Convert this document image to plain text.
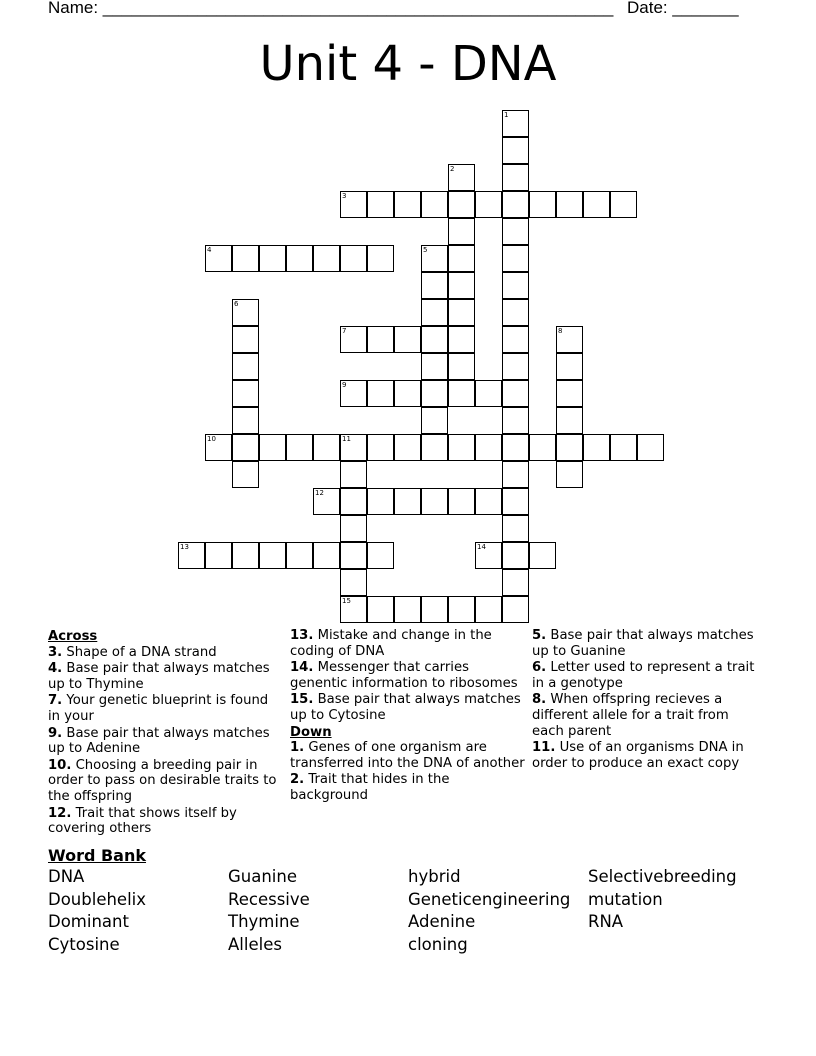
Name: ______________________________________________________ Date: _______
Unit 4 - DNA
1
2
3
4	5
6
7	8
9
10	11
15
12
13	14
Across
3. Shape of a DNA strand
4. Base pair that always matches up to Thymine
7. Your genetic blueprint is found in your
9. Base pair that always matches up to Adenine
10. Choosing a breeding pair in order to pass on desirable traits to the offspring
12. Trait that shows itself by covering others
13. Mistake and change in the coding of DNA
14. Messenger that carries genentic information to ribosomes
15. Base pair that always matches up to Cytosine
Down
1. Genes of one organism are transferred into the DNA of another
2. Trait that hides in the background
5. Base pair that always matches up to Guanine
6. Letter used to represent a trait in a genotype
8. When offspring recieves a different allele for a trait from each parent
11. Use of an organisms DNA in order to produce an exact copy
Word Bank
DNA	Guanine	hybrid	Selectivebreeding
Doublehelix	Recessive	Geneticengineering mutation
Dominant	Thymine	Adenine	RNA
Cytosine	Alleles	cloning
